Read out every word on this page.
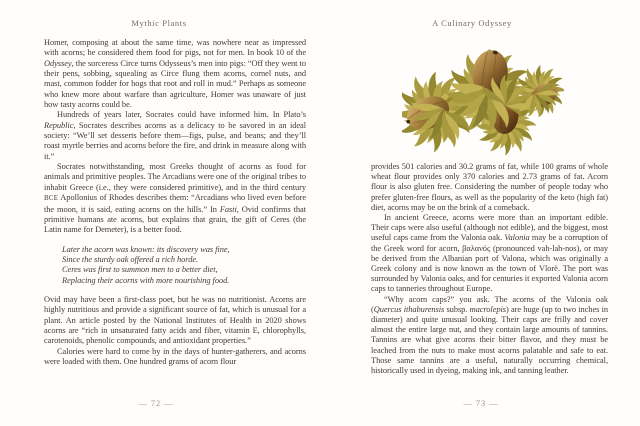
Mythic Plants	A Culinary Odyssey

Homer, composing at about the same time, was nowhere near as impressed with acorns; he considered them food for pigs, not for men. In book 10 of the Odyssey, the sorceress Circe turns Odysseus’s men into pigs: “Off they went to their pens, sobbing, squealing as Circe flung them acorns, cornel nuts, and mast, common fodder for hogs that root and roll in mud.” Perhaps as someone who knew more about warfare than agriculture, Homer was unaware of just how tasty acorns could be.

Hundreds of years later, Socrates could have informed him. In Plato’s Republic, Socrates describes acorns as a delicacy to be savored in an ideal society: “We’ll set desserts before them—figs, pulse, and beans; and they’ll roast myrtle berries and acorns before the fire, and drink in measure along with it.”

Socrates notwithstanding, most Greeks thought of acorns as food for animals and primitive peoples. The Arcadians were one of the original tribes to inhabit Greece (i.e., they were considered primitive), and in the third century BCE Apollonius of Rhodes describes them: “Arcadians who lived even before the moon, it is said, eating acorns on the hills.” In Fasti, Ovid confirms that primitive humans ate acorns, but explains that grain, the gift of Ceres (the Latin name for Demeter), is a better food.

Later the acorn was known: its discovery was fine,
Since the sturdy oak offered a rich horde.
Ceres was first to summon men to a better diet,
Replacing their acorns with more nourishing food.

Ovid may have been a first-class poet, but he was no nutritionist. Acorns are highly nutritious and provide a significant source of fat, which is unusual for a plant. An article posted by the National Institutes of Health in 2020 shows acorns are “rich in unsaturated fatty acids and fiber, vitamin E, chlorophylls, carotenoids, phenolic compounds, and antioxidant properties.”

Calories were hard to come by in the days of hunter-gatherers, and acorns were loaded with them. One hundred grams of acorn flour

provides 501 calories and 30.2 grams of fat, while 100 grams of whole wheat flour provides only 370 calories and 2.73 grams of fat. Acorn flour is also gluten free. Considering the number of people today who prefer gluten-free flours, as well as the popularity of the keto (high fat) diet, acorns may be on the brink of a comeback.

In ancient Greece, acorns were more than an important edible. Their caps were also useful (although not edible), and the biggest, most useful caps came from the Valonia oak. Valonia may be a corruption of the Greek word for acorn, βαλανός (pronounced vah-lah-nos), or may be derived from the Albanian port of Valona, which was originally a Greek colony and is now known as the town of Vlorë. The port was surrounded by Valonia oaks, and for centuries it exported Valonia acorn caps to tanneries throughout Europe.

“Why acorn caps?” you ask. The acorns of the Valonia oak (Quercus ithaburensis subsp. macrolepis) are huge (up to two inches in diameter) and quite unusual looking. Their caps are frilly and cover almost the entire large nut, and they contain large amounts of tannins. Tannins are what give acorns their bitter flavor, and they must be leached from the nuts to make most acorns palatable and safe to eat. Those same tannins are a useful, naturally occurring chemical, historically used in dyeing, making ink, and tanning leather.

— 72 —	— 73 —
